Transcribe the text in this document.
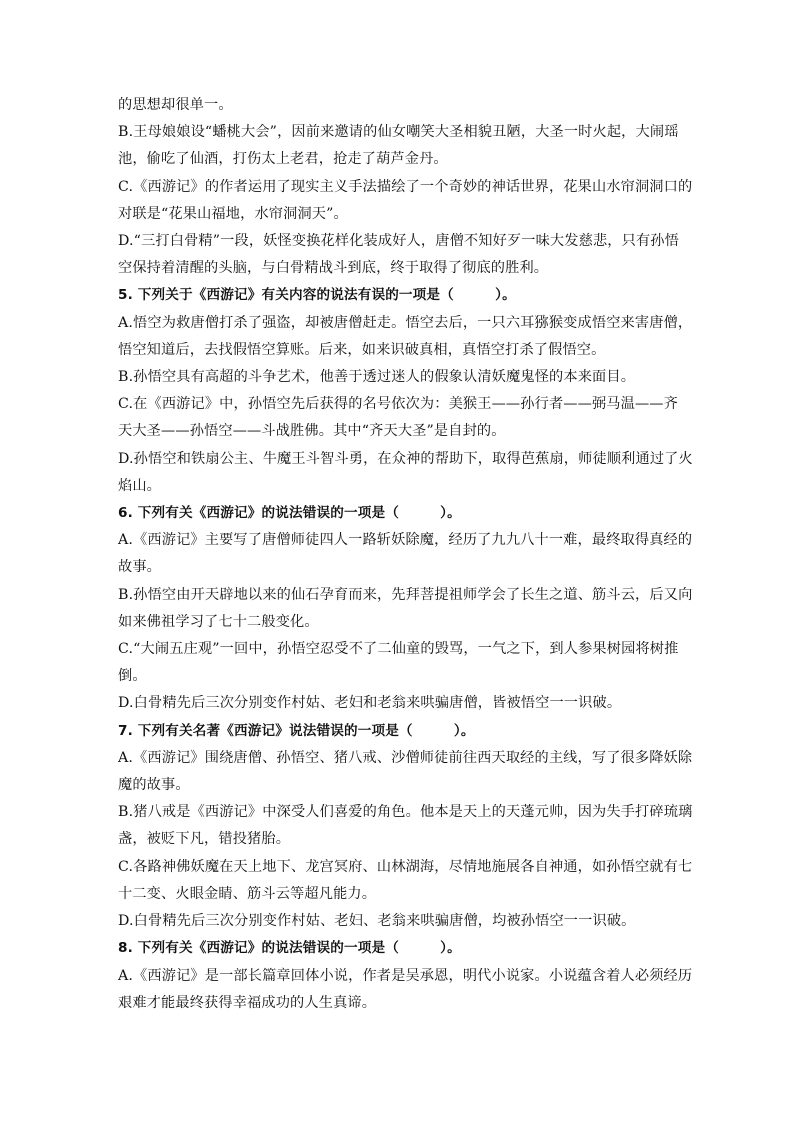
的思想却很单一。
B.王母娘娘设“蟠桃大会”，因前来邀请的仙女嘲笑大圣相貌丑陋，大圣一时火起，大闹瑶
池，偷吃了仙酒，打伤太上老君，抢走了葫芦金丹。
C.《西游记》的作者运用了现实主义手法描绘了一个奇妙的神话世界，花果山水帘洞洞口的
对联是“花果山福地，水帘洞洞天”。
D.“三打白骨精”一段，妖怪变换花样化装成好人，唐僧不知好歹一味大发慈悲，只有孙悟
空保持着清醒的头脑，与白骨精战斗到底，终于取得了彻底的胜利。
5. 下列关于《西游记》有关内容的说法有误的一项是（　　　）。
A.悟空为救唐僧打杀了强盗，却被唐僧赶走。悟空去后，一只六耳猕猴变成悟空来害唐僧，
悟空知道后，去找假悟空算账。后来，如来识破真相，真悟空打杀了假悟空。
B.孙悟空具有高超的斗争艺术，他善于透过迷人的假象认清妖魔鬼怪的本来面目。
C.在《西游记》中，孙悟空先后获得的名号依次为：美猴王——孙行者——弼马温——齐
天大圣——孙悟空——斗战胜佛。其中“齐天大圣”是自封的。
D.孙悟空和铁扇公主、牛魔王斗智斗勇，在众神的帮助下，取得芭蕉扇，师徒顺利通过了火
焰山。
6. 下列有关《西游记》的说法错误的一项是（　　　）。
A.《西游记》主要写了唐僧师徒四人一路斩妖除魔，经历了九九八十一难，最终取得真经的
故事。
B.孙悟空由开天辟地以来的仙石孕育而来，先拜菩提祖师学会了长生之道、筋斗云，后又向
如来佛祖学习了七十二般变化。
C.“大闹五庄观”一回中，孙悟空忍受不了二仙童的毁骂，一气之下，到人参果树园将树推
倒。
D.白骨精先后三次分别变作村姑、老妇和老翁来哄骗唐僧，皆被悟空一一识破。
7. 下列有关名著《西游记》说法错误的一项是（　　　）。
A.《西游记》围绕唐僧、孙悟空、猪八戒、沙僧师徒前往西天取经的主线，写了很多降妖除
魔的故事。
B.猪八戒是《西游记》中深受人们喜爱的角色。他本是天上的天蓬元帅，因为失手打碎琉璃
盏，被贬下凡，错投猪胎。
C.各路神佛妖魔在天上地下、龙宫冥府、山林湖海，尽情地施展各自神通，如孙悟空就有七
十二变、火眼金睛、筋斗云等超凡能力。
D.白骨精先后三次分别变作村姑、老妇、老翁来哄骗唐僧，均被孙悟空一一识破。
8. 下列有关《西游记》的说法错误的一项是（　　　）。
A.《西游记》是一部长篇章回体小说，作者是吴承恩，明代小说家。小说蕴含着人必须经历
艰难才能最终获得幸福成功的人生真谛。
